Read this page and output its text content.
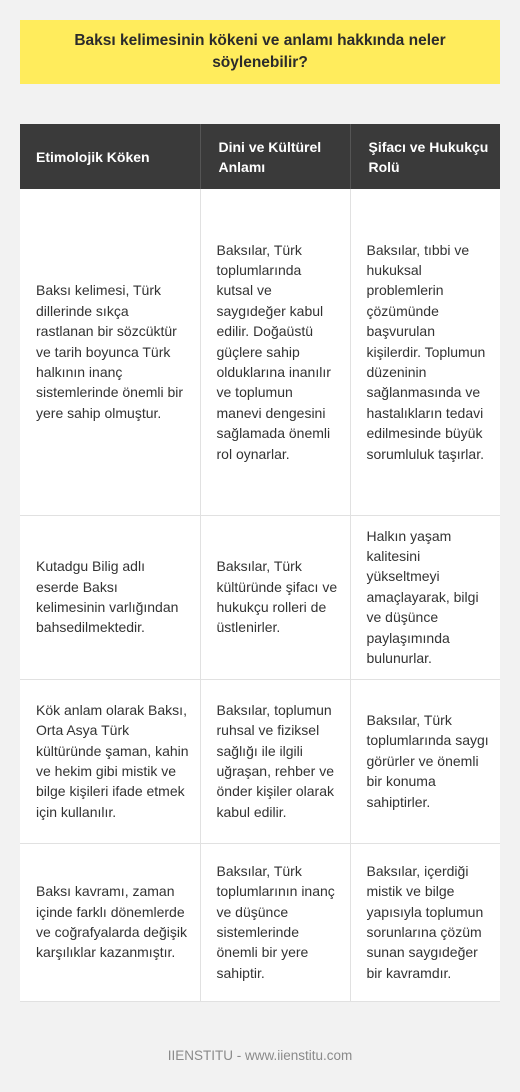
Baksı kelimesinin kökeni ve anlamı hakkında neler söylenebilir?
Etimolojik Köken	Dini ve Kültürel Anlamı	Şifacı ve Hukukçu Rolü
Baksı kelimesi, Türk dillerinde sıkça rastlanan bir sözcüktür ve tarih boyunca Türk halkının inanç sistemlerinde önemli bir yere sahip olmuştur.	Baksılar, Türk toplumlarında kutsal ve saygıdeğer kabul edilir. Doğaüstü güçlere sahip olduklarına inanılır ve toplumun manevi dengesini sağlamada önemli rol oynarlar.	Baksılar, tıbbi ve hukuksal problemlerin çözümünde başvurulan kişilerdir. Toplumun düzeninin sağlanmasında ve hastalıkların tedavi edilmesinde büyük sorumluluk taşırlar.
Kutadgu Bilig adlı eserde Baksı kelimesinin varlığından bahsedilmektedir.	Baksılar, Türk kültüründe şifacı ve hukukçu rolleri de üstlenirler.	Halkın yaşam kalitesini yükseltmeyi amaçlayarak, bilgi ve düşünce paylaşımında bulunurlar.
Kök anlam olarak Baksı, Orta Asya Türk kültüründe şaman, kahin ve hekim gibi mistik ve bilge kişileri ifade etmek için kullanılır.	Baksılar, toplumun ruhsal ve fiziksel sağlığı ile ilgili uğraşan, rehber ve önder kişiler olarak kabul edilir.	Baksılar, Türk toplumlarında saygı görürler ve önemli bir konuma sahiptirler.
Baksı kavramı, zaman içinde farklı dönemlerde ve coğrafyalarda değişik karşılıklar kazanmıştır.	Baksılar, Türk toplumlarının inanç ve düşünce sistemlerinde önemli bir yere sahiptir.	Baksılar, içerdiği mistik ve bilge yapısıyla toplumun sorunlarına çözüm sunan saygıdeğer bir kavramdır.
IIENSTITU - www.iienstitu.com
